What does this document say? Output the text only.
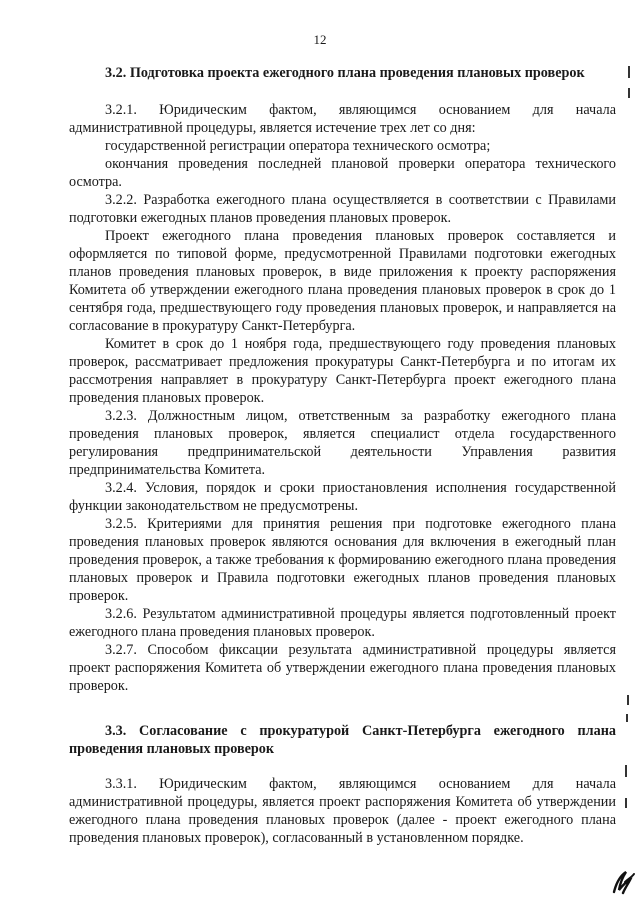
12
3.2. Подготовка проекта ежегодного плана проведения плановых проверок

3.2.1. Юридическим фактом, являющимся основанием для начала административной процедуры, является истечение трех лет со дня:

государственной регистрации оператора технического осмотра;

окончания проведения последней плановой проверки оператора технического осмотра.

3.2.2. Разработка ежегодного плана осуществляется в соответствии с Правилами подготовки ежегодных планов проведения плановых проверок.

Проект ежегодного плана проведения плановых проверок составляется и оформляется по типовой форме, предусмотренной Правилами подготовки ежегодных планов проведения плановых проверок, в виде приложения к проекту распоряжения Комитета об утверждении ежегодного плана проведения плановых проверок в срок до 1 сентября года, предшествующего году проведения плановых проверок, и направляется на согласование в прокуратуру Санкт-Петербурга.

Комитет в срок до 1 ноября года, предшествующего году проведения плановых проверок, рассматривает предложения прокуратуры Санкт-Петербурга и по итогам их рассмотрения направляет в прокуратуру Санкт-Петербурга проект ежегодного плана проведения плановых проверок.

3.2.3. Должностным лицом, ответственным за разработку ежегодного плана проведения плановых проверок, является специалист отдела государственного регулирования предпринимательской деятельности Управления развития предпринимательства Комитета.

3.2.4. Условия, порядок и сроки приостановления исполнения государственной функции законодательством не предусмотрены.

3.2.5. Критериями для принятия решения при подготовке ежегодного плана проведения плановых проверок являются основания для включения в ежегодный план проведения проверок, а также требования к формированию ежегодного плана проведения плановых проверок и Правила подготовки ежегодных планов проведения плановых проверок.

3.2.6. Результатом административной процедуры является подготовленный проект ежегодного плана проведения плановых проверок.

3.2.7. Способом фиксации результата административной процедуры является проект распоряжения Комитета об утверждении ежегодного плана проведения плановых проверок.

3.3. Согласование с прокуратурой Санкт-Петербурга ежегодного плана проведения плановых проверок

3.3.1. Юридическим фактом, являющимся основанием для начала административной процедуры, является проект распоряжения Комитета об утверждении ежегодного плана проведения плановых проверок (далее - проект ежегодного плана проведения плановых проверок), согласованный в установленном порядке.
